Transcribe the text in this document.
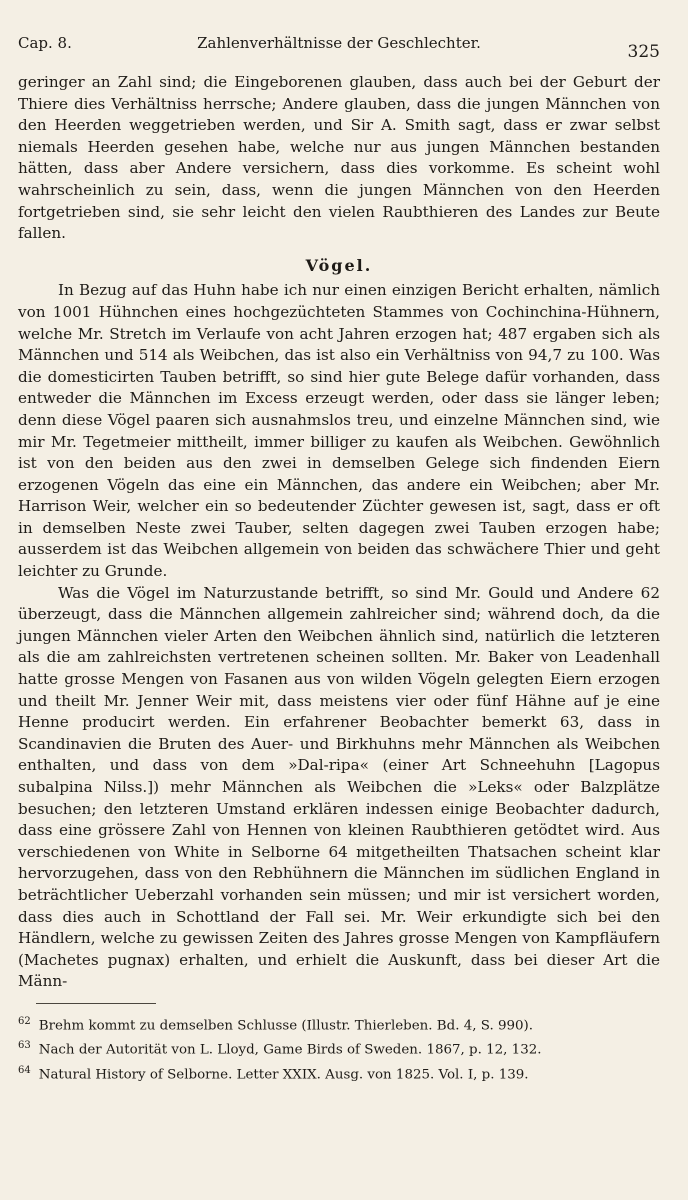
Cap. 8.	Zahlenverhältnisse der Geschlechter.	325

geringer an Zahl sind; die Eingeborenen glauben, dass auch bei der Geburt der Thiere dies Verhältniss herrsche; Andere glauben, dass die jungen Männchen von den Heerden weggetrieben werden, und Sir A. Smith sagt, dass er zwar selbst niemals Heerden gesehen habe, welche nur aus jungen Männchen bestanden hätten, dass aber Andere versichern, dass dies vorkomme. Es scheint wohl wahrscheinlich zu sein, dass, wenn die jungen Männchen von den Heerden fortgetrieben sind, sie sehr leicht den vielen Raubthieren des Landes zur Beute fallen.

Vögel.

In Bezug auf das Huhn habe ich nur einen einzigen Bericht erhalten, nämlich von 1001 Hühnchen eines hochgezüchteten Stammes von Cochinchina-Hühnern, welche Mr. Stretch im Verlaufe von acht Jahren erzogen hat; 487 ergaben sich als Männchen und 514 als Weibchen, das ist also ein Verhältniss von 94,7 zu 100. Was die domesticirten Tauben betrifft, so sind hier gute Belege dafür vorhanden, dass entweder die Männchen im Excess erzeugt werden, oder dass sie länger leben; denn diese Vögel paaren sich ausnahmslos treu, und einzelne Männchen sind, wie mir Mr. Tegetmeier mittheilt, immer billiger zu kaufen als Weibchen. Gewöhnlich ist von den beiden aus den zwei in demselben Gelege sich findenden Eiern erzogenen Vögeln das eine ein Männchen, das andere ein Weibchen; aber Mr. Harrison Weir, welcher ein so bedeutender Züchter gewesen ist, sagt, dass er oft in demselben Neste zwei Tauber, selten dagegen zwei Tauben erzogen habe; ausserdem ist das Weibchen allgemein von beiden das schwächere Thier und geht leichter zu Grunde.

Was die Vögel im Naturzustande betrifft, so sind Mr. Gould und Andere 62 überzeugt, dass die Männchen allgemein zahlreicher sind; während doch, da die jungen Männchen vieler Arten den Weibchen ähnlich sind, natürlich die letzteren als die am zahlreichsten vertretenen scheinen sollten. Mr. Baker von Leadenhall hatte grosse Mengen von Fasanen aus von wilden Vögeln gelegten Eiern erzogen und theilt Mr. Jenner Weir mit, dass meistens vier oder fünf Hähne auf je eine Henne producirt werden. Ein erfahrener Beobachter bemerkt 63, dass in Scandinavien die Bruten des Auer- und Birkhuhns mehr Männchen als Weibchen enthalten, und dass von dem »Dal-ripa« (einer Art Schneehuhn [Lagopus subalpina Nilss.]) mehr Männchen als Weibchen die »Leks« oder Balzplätze besuchen; den letzteren Umstand erklären indessen einige Beobachter dadurch, dass eine grössere Zahl von Hennen von kleinen Raubthieren getödtet wird. Aus verschiedenen von White in Selborne 64 mitgetheilten Thatsachen scheint klar hervorzugehen, dass von den Rebhühnern die Männchen im südlichen England in beträchtlicher Ueberzahl vorhanden sein müssen; und mir ist versichert worden, dass dies auch in Schottland der Fall sei. Mr. Weir erkundigte sich bei den Händlern, welche zu gewissen Zeiten des Jahres grosse Mengen von Kampfläufern (Machetes pugnax) erhalten, und erhielt die Auskunft, dass bei dieser Art die Männ-

$^{62}$ Brehm kommt zu demselben Schlusse (Illustr. Thierleben. Bd. 4, S. 990).

$^{63}$ Nach der Autorität von L. Lloyd, Game Birds of Sweden. 1867, p. 12, 132.

$^{64}$ Natural History of Selborne. Letter XXIX. Ausg. von 1825. Vol. I, p. 139.
